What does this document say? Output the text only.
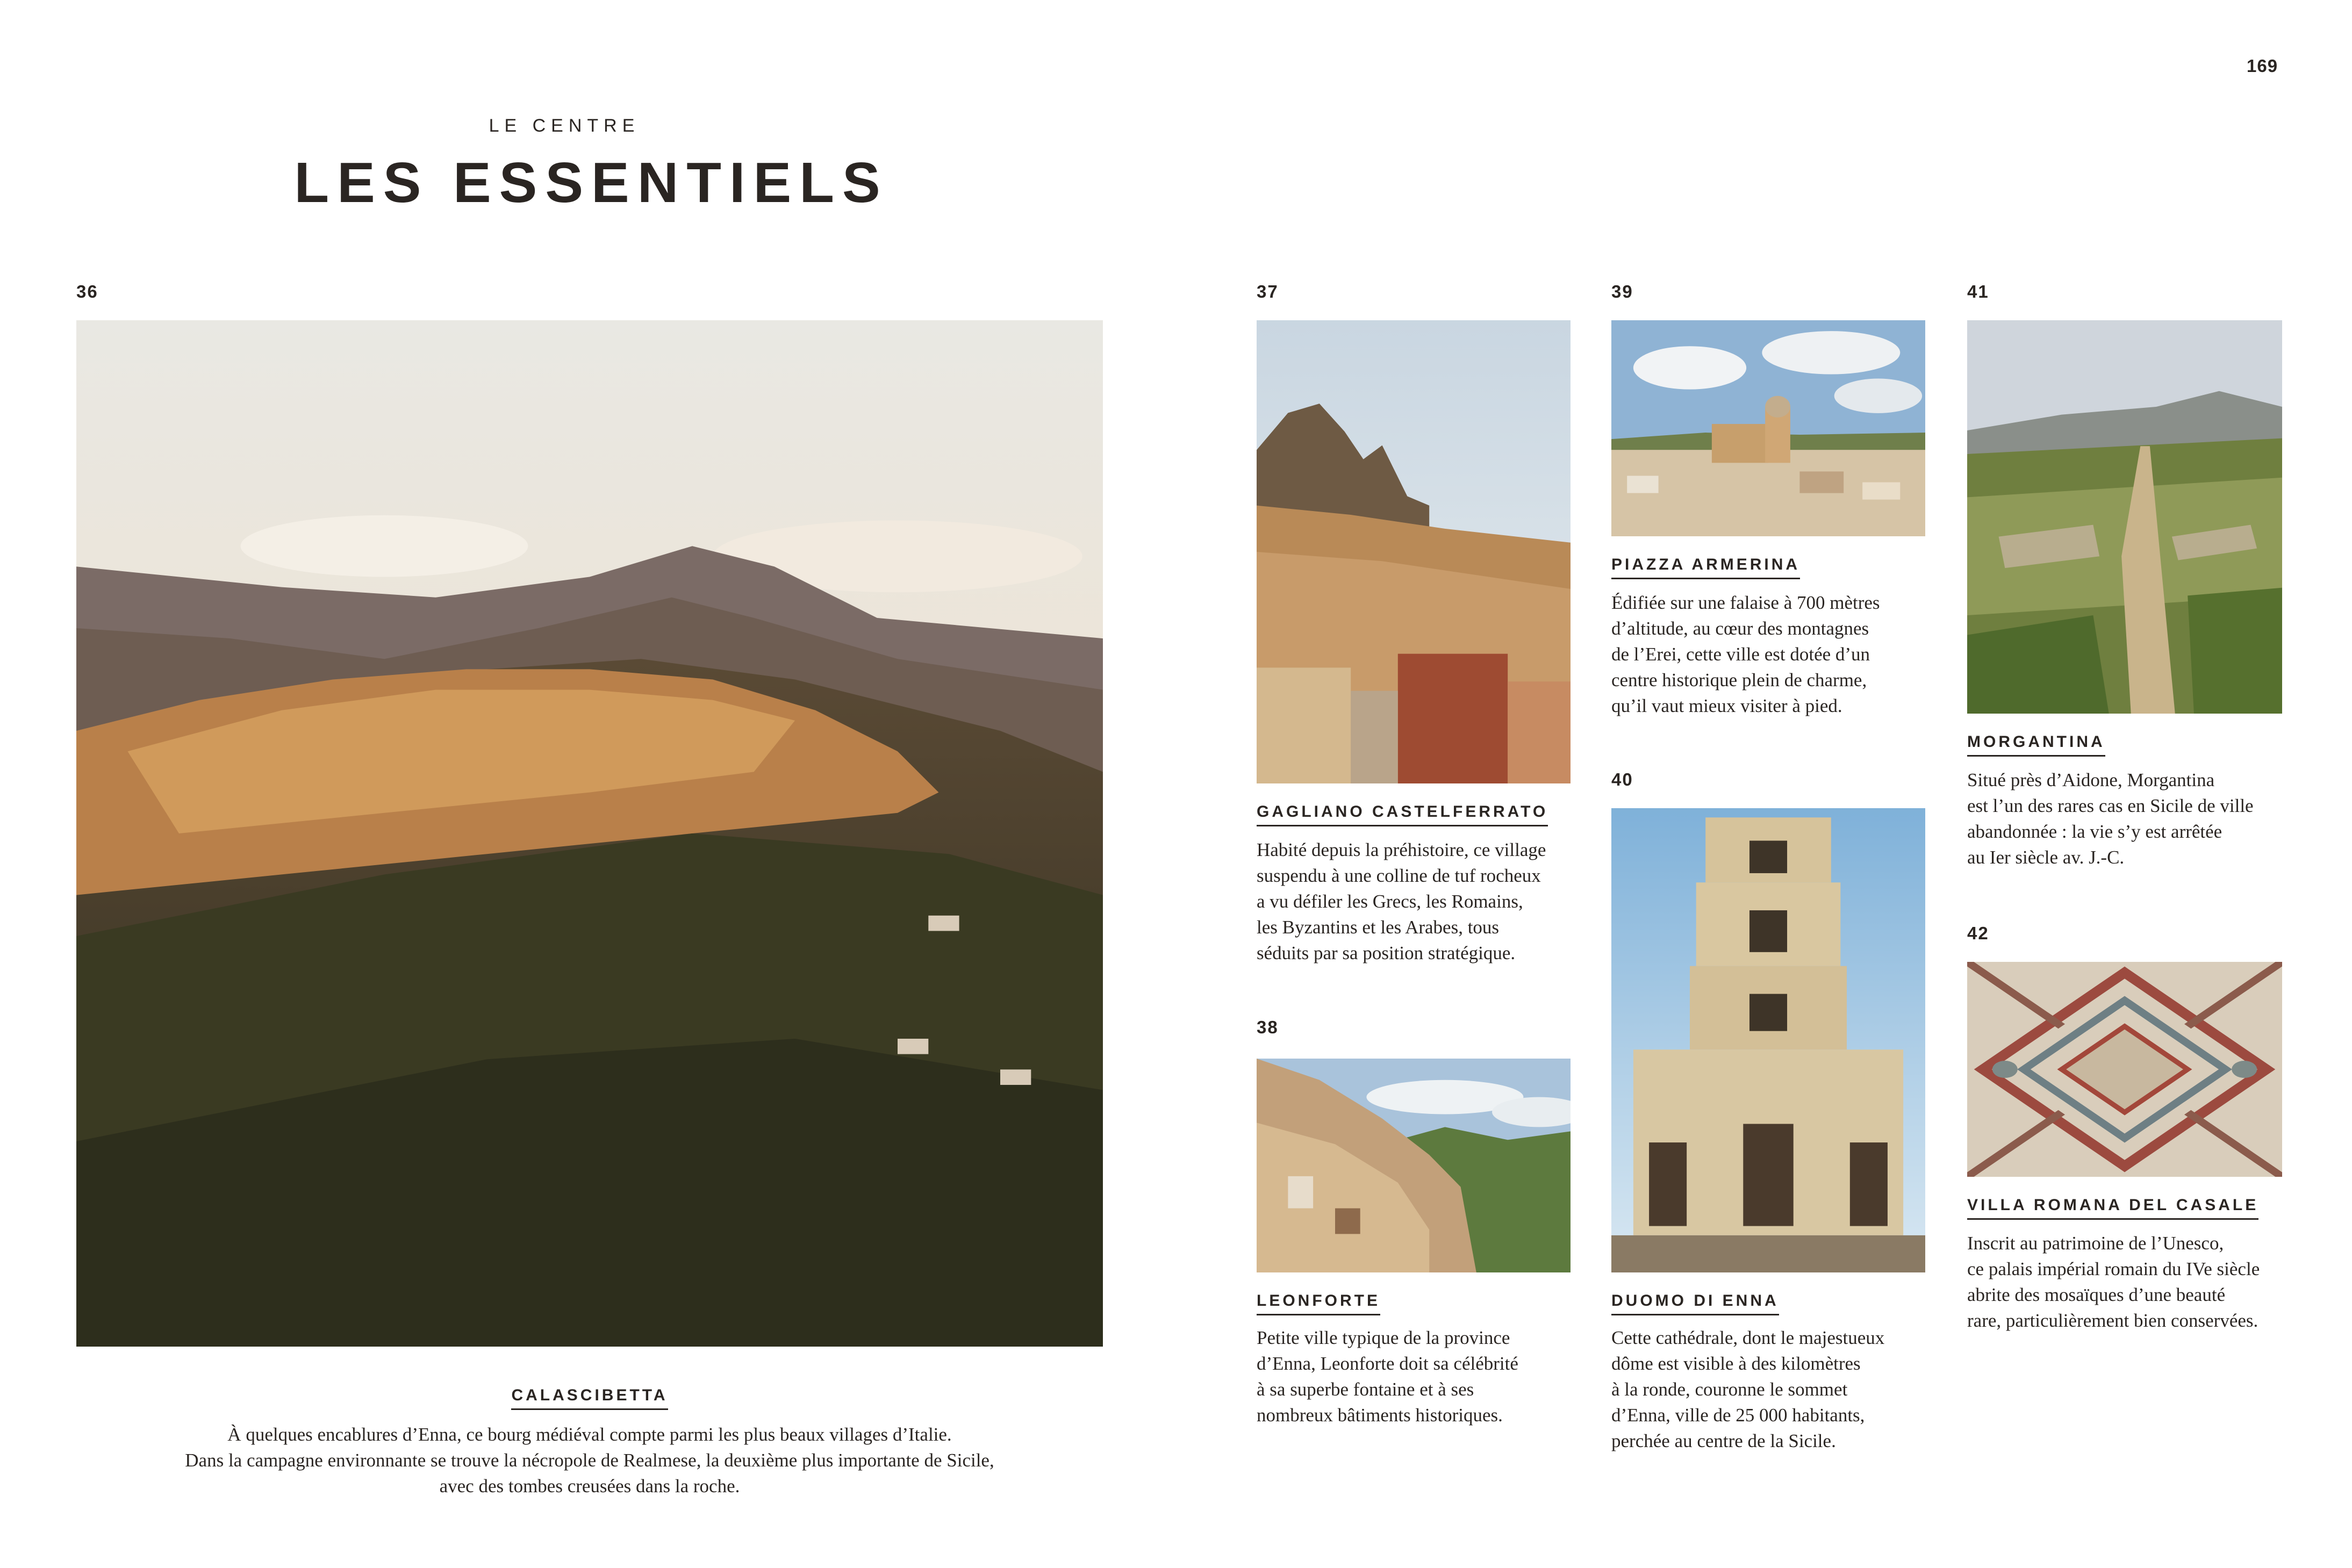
169
LE CENTRE
LES ESSENTIELS
36
CALASCIBETTA
À quelques encablures d’Enna, ce bourg médiéval compte parmi les plus beaux villages d’Italie.
Dans la campagne environnante se trouve la nécropole de Realmese, la deuxième plus importante de Sicile,
avec des tombes creusées dans la roche.
37
GAGLIANO CASTELFERRATO
Habité depuis la préhistoire, ce village
suspendu à une colline de tuf rocheux
a vu défiler les Grecs, les Romains,
les Byzantins et les Arabes, tous
séduits par sa position stratégique.
38
LEONFORTE
Petite ville typique de la province
d’Enna, Leonforte doit sa célébrité
à sa superbe fontaine et à ses
nombreux bâtiments historiques.
39
PIAZZA ARMERINA
Édifiée sur une falaise à 700 mètres
d’altitude, au cœur des montagnes
de l’Erei, cette ville est dotée d’un
centre historique plein de charme,
qu’il vaut mieux visiter à pied.
40
DUOMO DI ENNA
Cette cathédrale, dont le majestueux
dôme est visible à des kilomètres
à la ronde, couronne le sommet
d’Enna, ville de 25 000 habitants,
perchée au centre de la Sicile.
41
MORGANTINA
Situé près d’Aidone, Morgantina
est l’un des rares cas en Sicile de ville
abandonnée : la vie s’y est arrêtée
au Ier siècle av. J.-C.
42
VILLA ROMANA DEL CASALE
Inscrit au patrimoine de l’Unesco,
ce palais impérial romain du IVe siècle
abrite des mosaïques d’une beauté
rare, particulièrement bien conservées.
